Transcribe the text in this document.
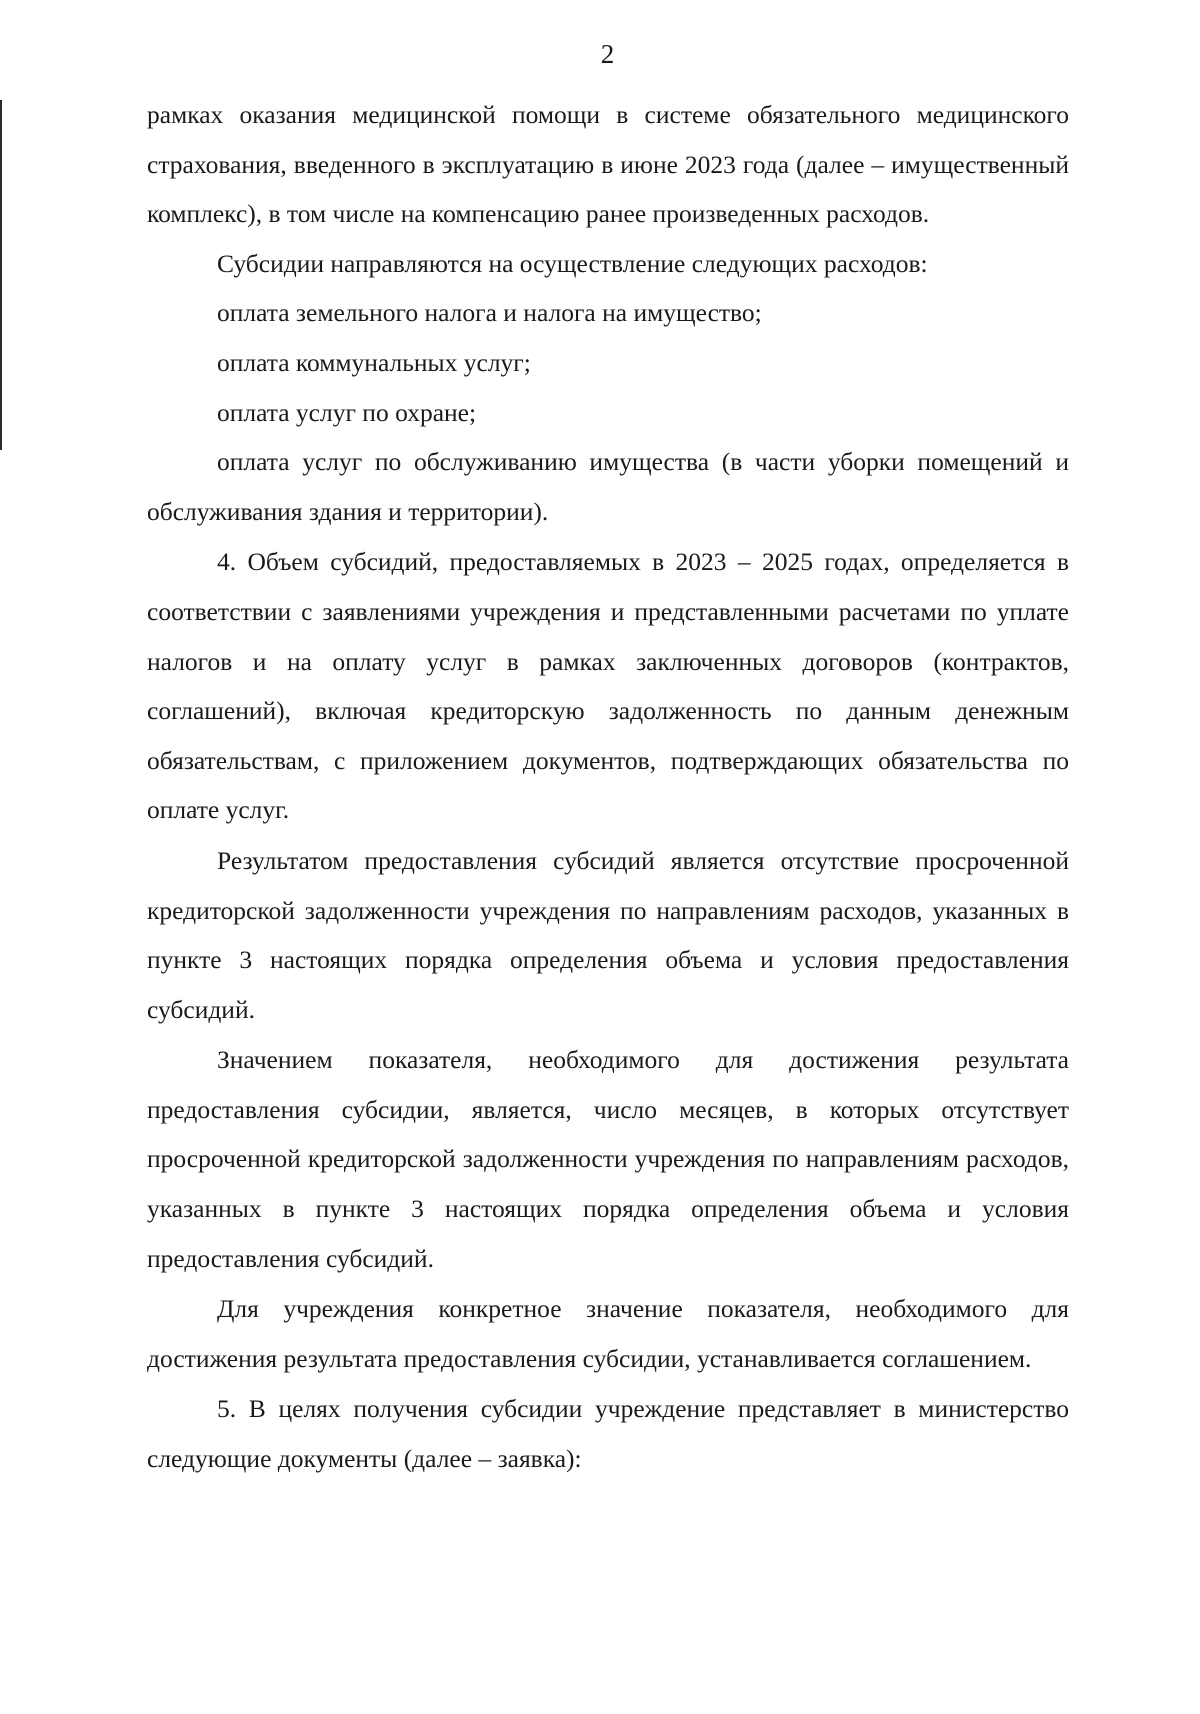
2

рамках оказания медицинской помощи в системе обязательного медицинского страхования, введенного в эксплуатацию в июне 2023 года (далее – имущественный комплекс), в том числе на компенсацию ранее произведенных расходов.

Субсидии направляются на осуществление следующих расходов:

оплата земельного налога и налога на имущество;

оплата коммунальных услуг;

оплата услуг по охране;

оплата услуг по обслуживанию имущества (в части уборки помещений и обслуживания здания и территории).

4. Объем субсидий, предоставляемых в 2023 – 2025 годах, определяется в соответствии с заявлениями учреждения и представленными расчетами по уплате налогов и на оплату услуг в рамках заключенных договоров (контрактов, соглашений), включая кредиторскую задолженность по данным денежным обязательствам, с приложением документов, подтверждающих обязательства по оплате услуг.

Результатом предоставления субсидий является отсутствие просроченной кредиторской задолженности учреждения по направлениям расходов, указанных в пункте 3 настоящих порядка определения объема и условия предоставления субсидий.

Значением показателя, необходимого для достижения результата предоставления субсидии, является, число месяцев, в которых отсутствует просроченной кредиторской задолженности учреждения по направлениям расходов, указанных в пункте 3 настоящих порядка определения объема и условия предоставления субсидий.

Для учреждения конкретное значение показателя, необходимого для достижения результата предоставления субсидии, устанавливается соглашением.

5. В целях получения субсидии учреждение представляет в министерство следующие документы (далее – заявка):
